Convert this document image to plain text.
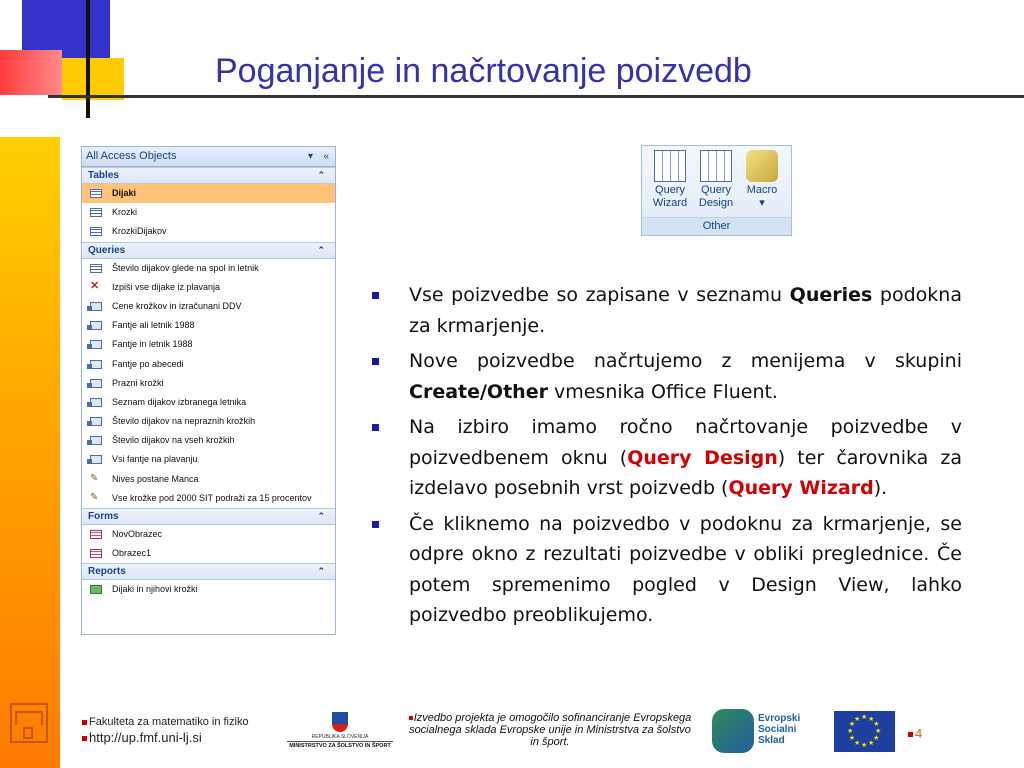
Poganjanje in načrtovanje poizvedb
All Access Objects	▾ «
Tables	⌃
Dijaki
Krozki
KrozkiDijakov
Queries	⌃
Število dijakov glede na spol in letnik
✕ Izpiši vse dijake iz plavanja
Cene krožkov in izračunani DDV
Fantje ali letnik 1988
Fantje in letnik 1988
Fantje po abecedi
Prazni krožki
Seznam dijakov izbranega letnika
Število dijakov na nepraznih krožkih
Število dijakov na vseh krožkih
Vsi fantje na plavanju
✎ Nives postane Manca
✎ Vse krožke pod 2000 SIT podraži za 15 procentov
Forms	⌃
NovObrazec
Obrazec1
Reports	⌃
Dijaki in njihovi krožki
Query
Wizard
Query
Design
Macro
▾
Other
Vse poizvedbe so zapisane v seznamu Queries podokna za krmarjenje.
Nove poizvedbe načrtujemo z menijema v skupini Create/Other vmesnika Office Fluent.
Na izbiro imamo ročno načrtovanje poizvedbe v poizvedbenem oknu (Query Design) ter čarovnika za izdelavo posebnih vrst poizvedb (Query Wizard).
Če kliknemo na poizvedbo v podoknu za krmarjenje, se odpre okno z rezultati poizvedbe v obliki preglednice. Če potem spremenimo pogled v Design View, lahko poizvedbo preoblikujemo.
Fakulteta za matematiko in fiziko
http://up.fmf.uni-lj.si	REPUBLIKA SLOVENIJA
MINISTRSTVO ZA ŠOLSTVO IN ŠPORT
Izvedbo projekta je omogočilo sofinanciranje Evropskega socialnega sklada Evropske unije in Ministrstva za šolstvo in šport.
Evropski
Socialni
Sklad
★
★
★
★
★
★
★
★
★ ★ ★
★
4
